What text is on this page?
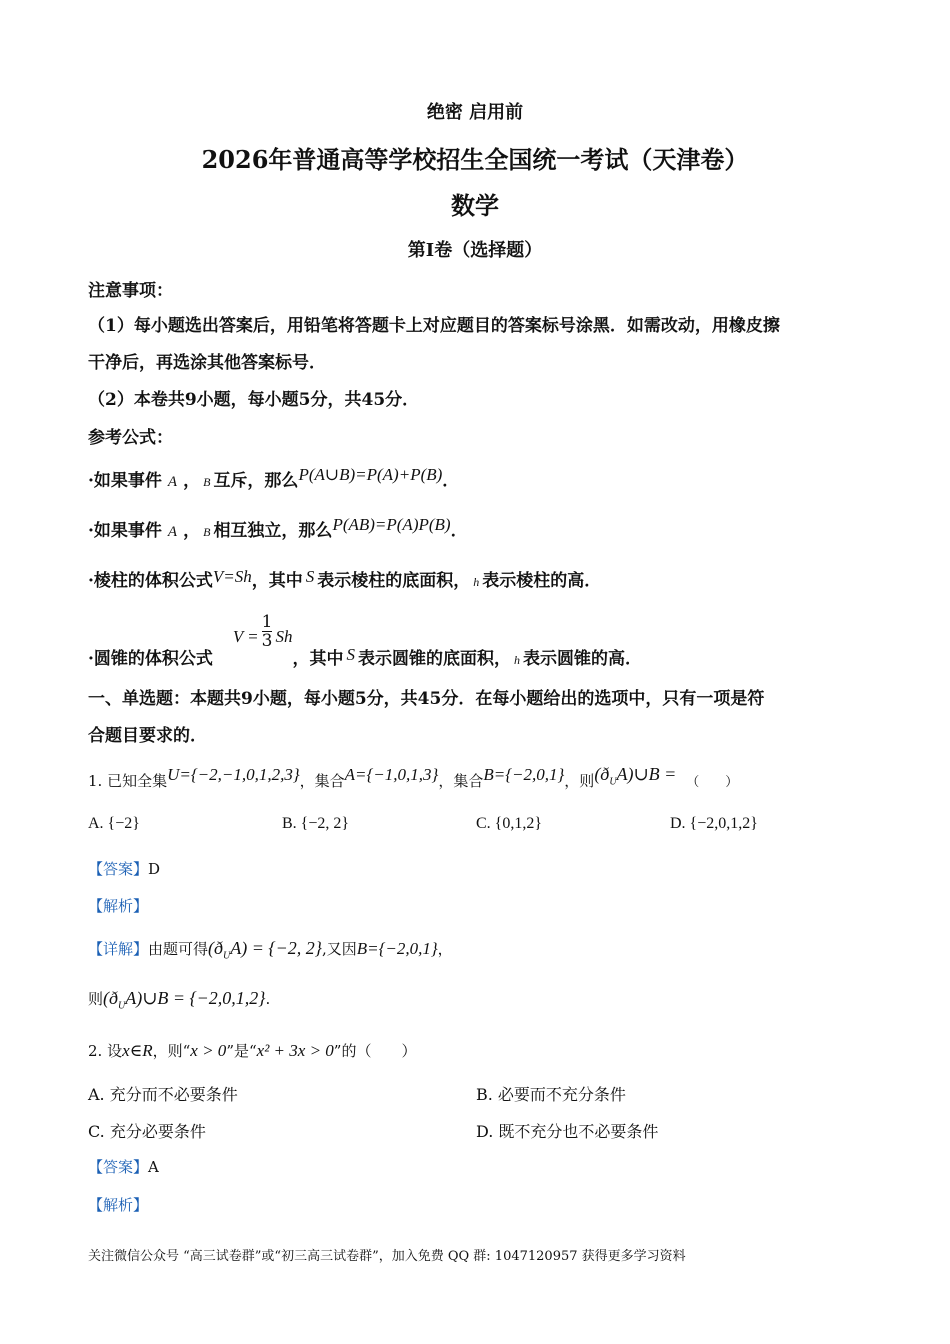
绝密 启用前
2026年普通高等学校招生全国统一考试（天津卷）
数学
第I卷（选择题）
注意事项：
（1）每小题选出答案后，用铅笔将答题卡上对应题目的答案标号涂黑．如需改动，用橡皮擦
干净后，再选涂其他答案标号．
（2）本卷共9小题，每小题5分，共45分．
参考公式：
·如果事件 A ， B 互斥，那么P(A∪B)=P(A)+P(B)．
·如果事件 A ， B 相互独立，那么P(AB)=P(A)P(B)．
·棱柱的体积公式V=Sh，其中 S 表示棱柱的底面积， h 表示棱柱的高．
·圆锥的体积公式 $V = \frac{1}{3}$ Sh，其中 S 表示圆锥的底面积， h 表示圆锥的高．
一、单选题：本题共9小题，每小题5分，共45分．在每小题给出的选项中，只有一项是符
合题目要求的．
1. 已知全集U={−2,−1,0,1,2,3}，集合A={−1,0,1,3}，集合B={−2,0,1}，则$(ð_UA)\cup B$ = （　　）
A. {−2}	B. {−2, 2}	C. {0,1,2}	D. {−2,0,1,2}
【答案】D
【解析】
【详解】由题可得$(ð_UA) = \{-2$, 2},又因B={−2,0,1}，
则$(ð_UA)\cup B = \{-2,0,1,2\}$.
2. 设x∈R，则“x > 0”是“x² + 3x > 0”的（　　）
A. 充分而不必要条件	B. 必要而不充分条件
C. 充分必要条件	D. 既不充分也不必要条件
【答案】A
【解析】
关注微信公众号 “高三试卷群”或“初三高三试卷群”，加入免费 QQ 群: 1047120957 获得更多学习资料
